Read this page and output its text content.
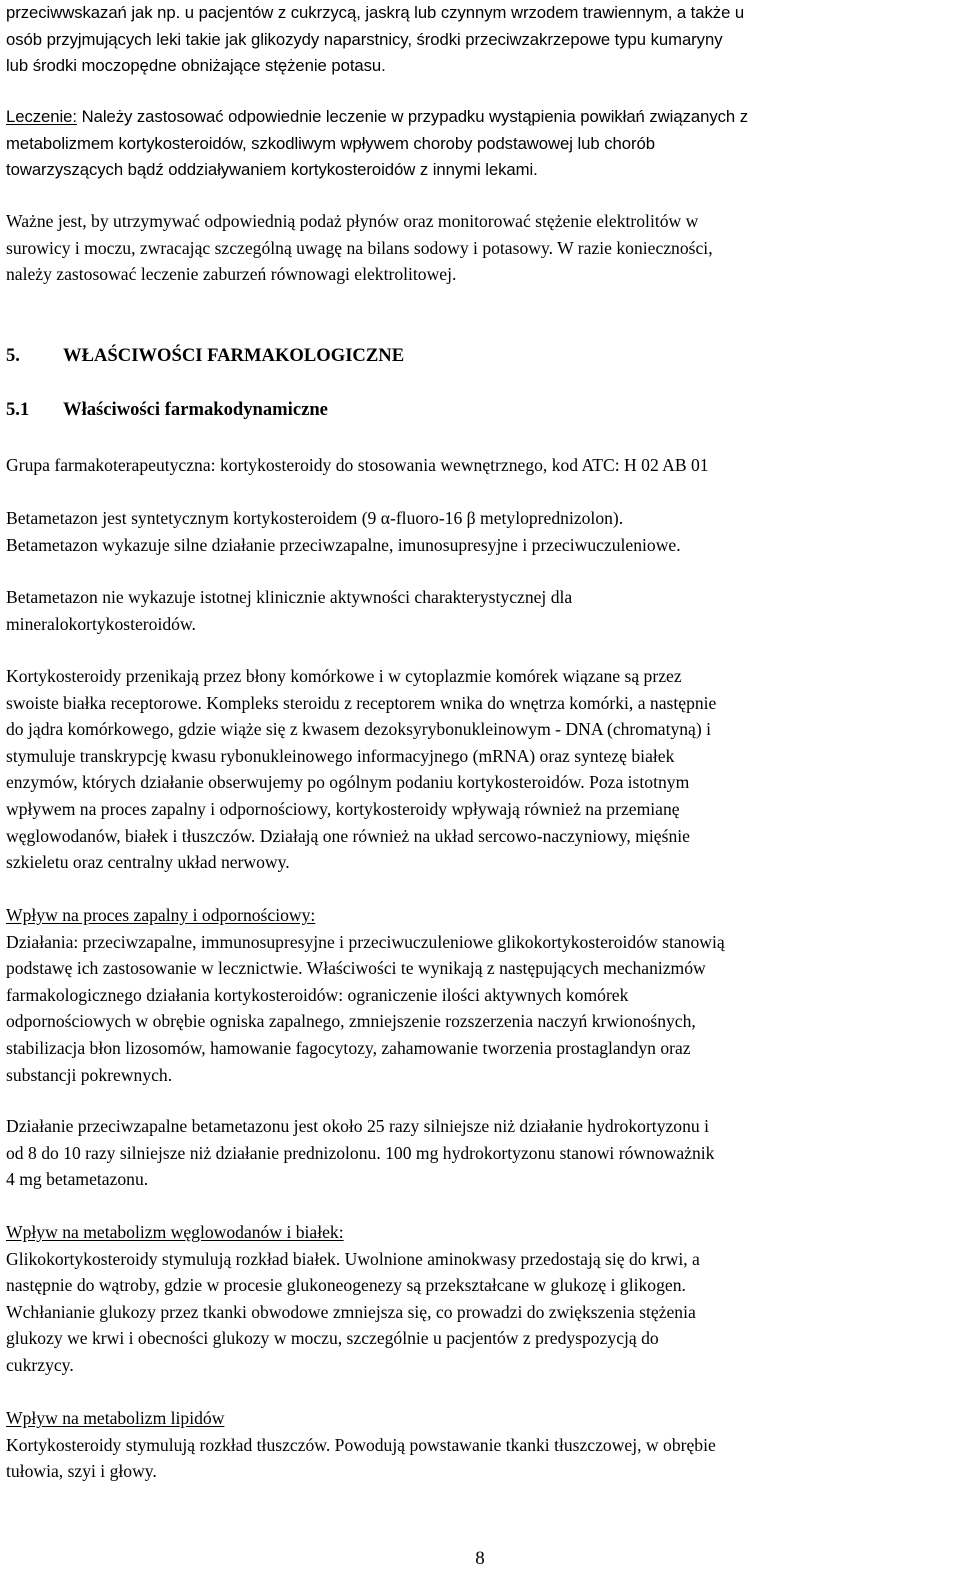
przeciwwskazań jak np. u pacjentów z cukrzycą, jaskrą lub czynnym wrzodem trawiennym, a także u
osób przyjmujących leki takie jak glikozydy naparstnicy, środki przeciwzakrzepowe typu kumaryny
lub środki moczopędne obniżające stężenie potasu.

Leczenie: Należy zastosować odpowiednie leczenie w przypadku wystąpienia powikłań związanych z
metabolizmem kortykosteroidów, szkodliwym wpływem choroby podstawowej lub chorób
towarzyszących bądź oddziaływaniem kortykosteroidów z innymi lekami.

Ważne jest, by utrzymywać odpowiednią podaż płynów oraz monitorować stężenie elektrolitów w
surowicy i moczu, zwracając szczególną uwagę na bilans sodowy i potasowy. W razie konieczności,
należy zastosować leczenie zaburzeń równowagi elektrolitowej.

5.	WŁAŚCIWOŚCI FARMAKOLOGICZNE
5.1	Właściwości farmakodynamiczne

Grupa farmakoterapeutyczna: kortykosteroidy do stosowania wewnętrznego, kod ATC: H 02 AB 01

Betametazon jest syntetycznym kortykosteroidem (9 α-fluoro-16 β metyloprednizolon).
Betametazon wykazuje silne działanie przeciwzapalne, imunosupresyjne i przeciwuczuleniowe.

Betametazon nie wykazuje istotnej klinicznie aktywności charakterystycznej dla
mineralokortykosteroidów.

Kortykosteroidy przenikają przez błony komórkowe i w cytoplazmie komórek wiązane są przez
swoiste białka receptorowe. Kompleks steroidu z receptorem wnika do wnętrza komórki, a następnie
do jądra komórkowego, gdzie wiąże się z kwasem dezoksyrybonukleinowym - DNA (chromatyną) i
stymuluje transkrypcję kwasu rybonukleinowego informacyjnego (mRNA) oraz syntezę białek
enzymów, których działanie obserwujemy po ogólnym podaniu kortykosteroidów. Poza istotnym
wpływem na proces zapalny i odpornościowy, kortykosteroidy wpływają również na przemianę
węglowodanów, białek i tłuszczów. Działają one również na układ sercowo-naczyniowy, mięśnie
szkieletu oraz centralny układ nerwowy.

Wpływ na proces zapalny i odpornościowy:
Działania: przeciwzapalne, immunosupresyjne i przeciwuczuleniowe glikokortykosteroidów stanowią
podstawę ich zastosowanie w lecznictwie. Właściwości te wynikają z następujących mechanizmów
farmakologicznego działania kortykosteroidów: ograniczenie ilości aktywnych komórek
odpornościowych w obrębie ogniska zapalnego, zmniejszenie rozszerzenia naczyń krwionośnych,
stabilizacja błon lizosomów, hamowanie fagocytozy, zahamowanie tworzenia prostaglandyn oraz
substancji pokrewnych.

Działanie przeciwzapalne betametazonu jest około 25 razy silniejsze niż działanie hydrokortyzonu i
od 8 do 10 razy silniejsze niż działanie prednizolonu. 100 mg hydrokortyzonu stanowi równoważnik
4 mg betametazonu.

Wpływ na metabolizm węglowodanów i białek:
Glikokortykosteroidy stymulują rozkład białek. Uwolnione aminokwasy przedostają się do krwi, a
następnie do wątroby, gdzie w procesie glukoneogenezy są przekształcane w glukozę i glikogen.
Wchłanianie glukozy przez tkanki obwodowe zmniejsza się, co prowadzi do zwiększenia stężenia
glukozy we krwi i obecności glukozy w moczu, szczególnie u pacjentów z predyspozycją do
cukrzycy.

Wpływ na metabolizm lipidów
Kortykosteroidy stymulują rozkład tłuszczów. Powodują powstawanie tkanki tłuszczowej, w obrębie
tułowia, szyi i głowy.

8
